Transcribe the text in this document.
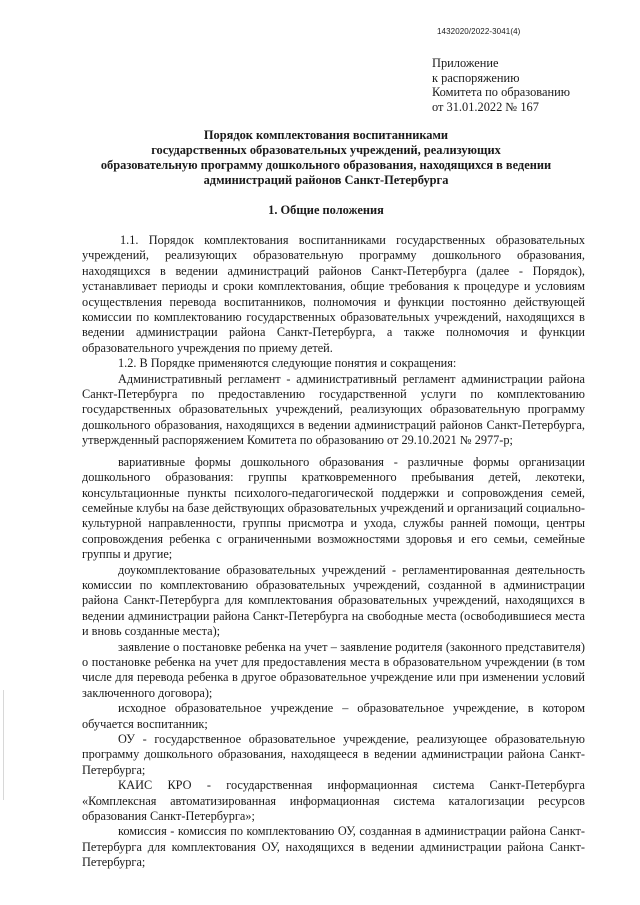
1432020/2022-3041(4)
Приложение
к распоряжению
Комитета по образованию
от 31.01.2022 № 167
Порядок комплектования воспитанниками
государственных образовательных учреждений, реализующих
образовательную программу дошкольного образования, находящихся в ведении
администраций районов Санкт-Петербурга
1. Общие положения

1.1. Порядок комплектования воспитанниками государственных образовательных учреждений, реализующих образовательную программу дошкольного образования, находящихся в ведении администраций районов Санкт-Петербурга (далее - Порядок), устанавливает периоды и сроки комплектования, общие требования к процедуре и условиям осуществления перевода воспитанников, полномочия и функции постоянно действующей комиссии по комплектованию государственных образовательных учреждений, находящихся в ведении администрации района Санкт-Петербурга, а также полномочия и функции образовательного учреждения по приему детей.

1.2. В Порядке применяются следующие понятия и сокращения:

Административный регламент - административный регламент администрации района Санкт-Петербурга по предоставлению государственной услуги по комплектованию государственных образовательных учреждений, реализующих образовательную программу дошкольного образования, находящихся в ведении администраций районов Санкт-Петербурга, утвержденный распоряжением Комитета по образованию от 29.10.2021 № 2977-р;

вариативные формы дошкольного образования - различные формы организации дошкольного образования: группы кратковременного пребывания детей, лекотеки, консультационные пункты психолого-педагогической поддержки и сопровождения семей, семейные клубы на базе действующих образовательных учреждений и организаций социально-культурной направленности, группы присмотра и ухода, службы ранней помощи, центры сопровождения ребенка с ограниченными возможностями здоровья и его семьи, семейные группы и другие;

доукомплектование образовательных учреждений - регламентированная деятельность комиссии по комплектованию образовательных учреждений, созданной в администрации района Санкт-Петербурга для комплектования образовательных учреждений, находящихся в ведении администрации района Санкт-Петербурга на свободные места (освободившиеся места и вновь созданные места);

заявление о постановке ребенка на учет – заявление родителя (законного представителя) о постановке ребенка на учет для предоставления места в образовательном учреждении (в том числе для перевода ребенка в другое образовательное учреждение или при изменении условий заключенного договора);

исходное образовательное учреждение – образовательное учреждение, в котором обучается воспитанник;

ОУ - государственное образовательное учреждение, реализующее образовательную программу дошкольного образования, находящееся в ведении администрации района Санкт-Петербурга;

КАИС КРО - государственная информационная система Санкт-Петербурга «Комплексная автоматизированная информационная система каталогизации ресурсов образования Санкт-Петербурга»;

комиссия - комиссия по комплектованию ОУ, созданная в администрации района Санкт-Петербурга для комплектования ОУ, находящихся в ведении администрации района Санкт-Петербурга;
